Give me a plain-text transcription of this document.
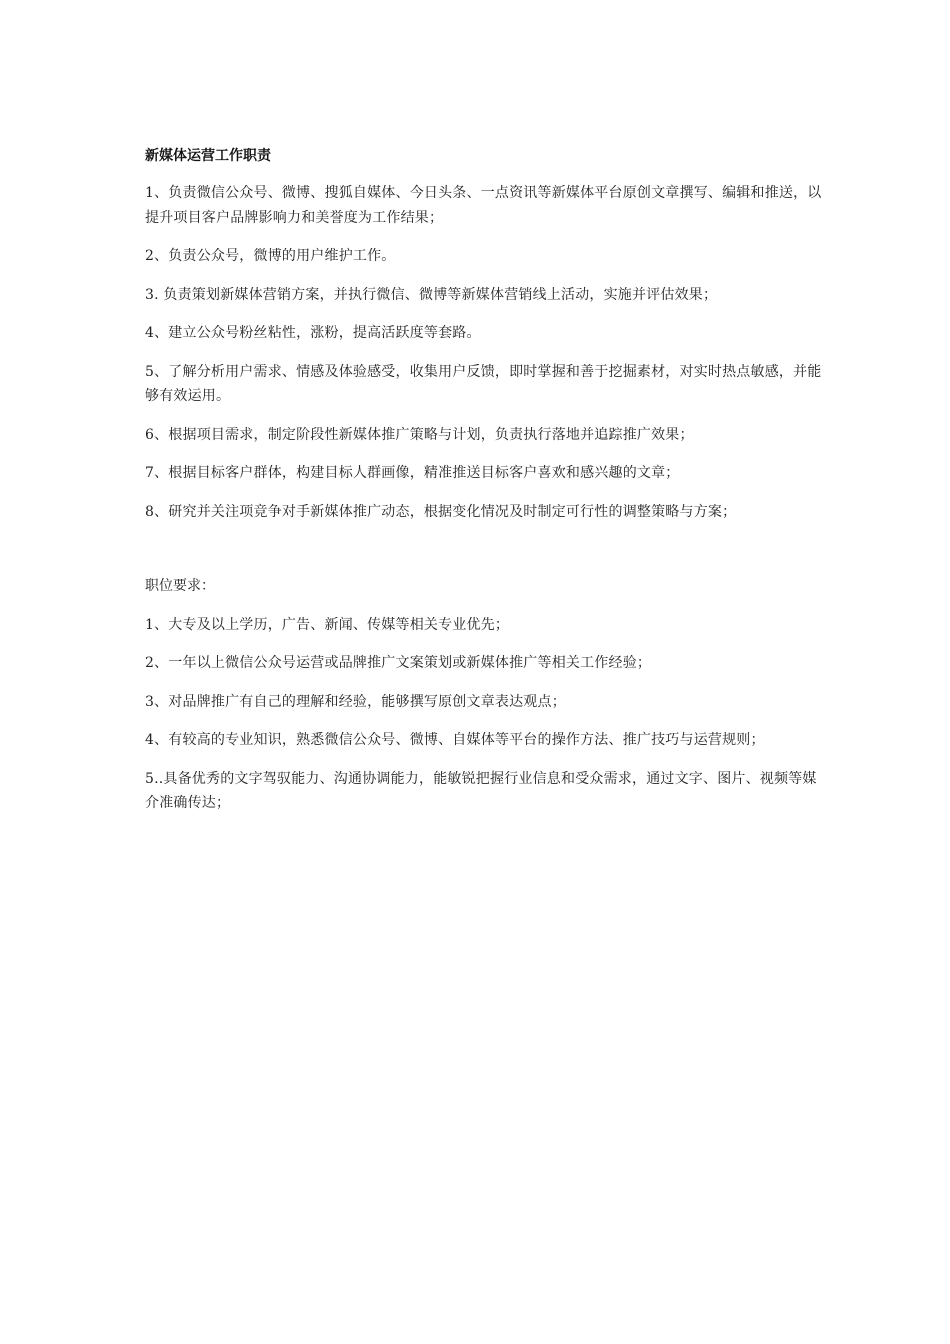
新媒体运营工作职责

1、负责微信公众号、微博、搜狐自媒体、今日头条、一点资讯等新媒体平台原创文章撰写、编辑和推送，以提升项目客户品牌影响力和美誉度为工作结果；

2、负责公众号，微博的用户维护工作。

3. 负责策划新媒体营销方案，并执行微信、微博等新媒体营销线上活动，实施并评估效果；

4、建立公众号粉丝粘性，涨粉，提高活跃度等套路。

5、了解分析用户需求、情感及体验感受，收集用户反馈，即时掌握和善于挖掘素材，对实时热点敏感，并能够有效运用。

6、根据项目需求，制定阶段性新媒体推广策略与计划，负责执行落地并追踪推广效果；

7、根据目标客户群体，构建目标人群画像，精准推送目标客户喜欢和感兴趣的文章；

8、研究并关注项竞争对手新媒体推广动态，根据变化情况及时制定可行性的调整策略与方案；

职位要求：

1、大专及以上学历，广告、新闻、传媒等相关专业优先；

2、一年以上微信公众号运营或品牌推广文案策划或新媒体推广等相关工作经验；

3、对品牌推广有自己的理解和经验，能够撰写原创文章表达观点；

4、有较高的专业知识，熟悉微信公众号、微博、自媒体等平台的操作方法、推广技巧与运营规则；

5..具备优秀的文字驾驭能力、沟通协调能力，能敏锐把握行业信息和受众需求，通过文字、图片、视频等媒介准确传达；
